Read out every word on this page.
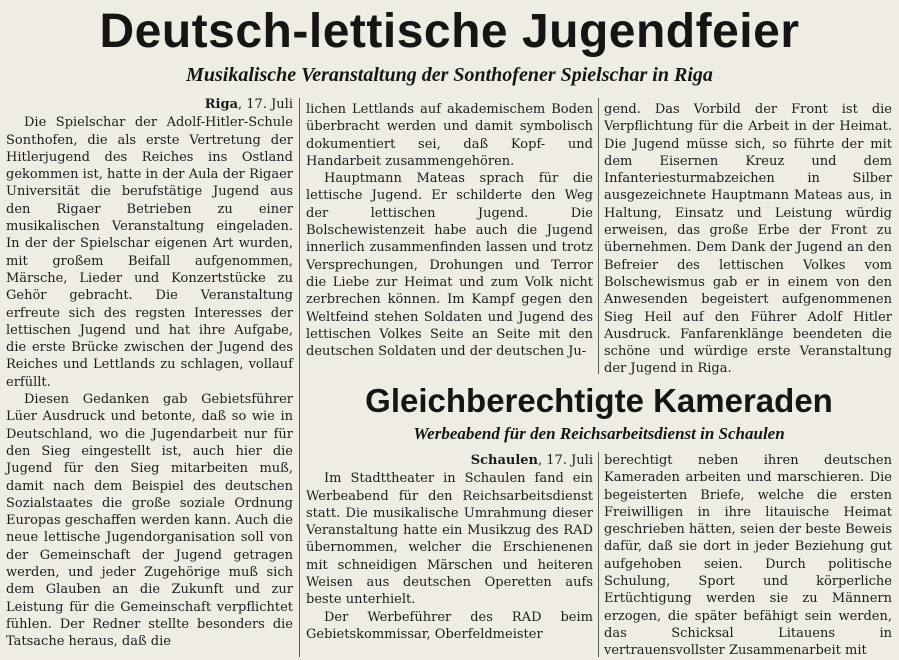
Deutsch-lettische Jugendfeier
Musikalische Veranstaltung der Sonthofener Spielschar in Riga
Riga, 17. Juli

Die Spielschar der Adolf-Hitler-Schule Sonthofen, die als erste Vertretung der Hitlerjugend des Reiches ins Ostland gekommen ist, hatte in der Aula der Rigaer Universität die berufstätige Jugend aus den Rigaer Betrieben zu einer musikalischen Veranstaltung eingeladen. In der der Spielschar eigenen Art wurden, mit großem Beifall aufgenommen, Märsche, Lieder und Konzertstücke zu Gehör gebracht. Die Veranstaltung erfreute sich des regsten Interesses der lettischen Jugend und hat ihre Aufgabe, die erste Brücke zwischen der Jugend des Reiches und Lettlands zu schlagen, vollauf erfüllt.

Diesen Gedanken gab Gebietsführer Lüer Ausdruck und betonte, daß so wie in Deutschland, wo die Jugendarbeit nur für den Sieg eingestellt ist, auch hier die Jugend für den Sieg mitarbeiten muß, damit nach dem Beispiel des deutschen Sozialstaates die große soziale Ordnung Europas geschaffen werden kann. Auch die neue lettische Jugendorganisation soll von der Gemeinschaft der Jugend getragen werden, und jeder Zugehörige muß sich dem Glauben an die Zukunft und zur Leistung für die Gemeinschaft verpflichtet fühlen. Der Redner stellte besonders die Tatsache heraus, daß die

lichen Lettlands auf akademischem Boden überbracht werden und damit symbolisch dokumentiert sei, daß Kopf- und Handarbeit zusammengehören.

Hauptmann Mateas sprach für die lettische Jugend. Er schilderte den Weg der lettischen Jugend. Die Bolschewistenzeit habe auch die Jugend innerlich zusammenfinden lassen und trotz Versprechungen, Drohungen und Terror die Liebe zur Heimat und zum Volk nicht zerbrechen können. Im Kampf gegen den Weltfeind stehen Soldaten und Jugend des lettischen Volkes Seite an Seite mit den deutschen Soldaten und der deutschen Ju-

gend. Das Vorbild der Front ist die Verpflichtung für die Arbeit in der Heimat. Die Jugend müsse sich, so führte der mit dem Eisernen Kreuz und dem Infanteriesturmabzeichen in Silber ausgezeichnete Hauptmann Mateas aus, in Haltung, Einsatz und Leistung würdig erweisen, das große Erbe der Front zu übernehmen. Dem Dank der Jugend an den Befreier des lettischen Volkes vom Bolschewismus gab er in einem von den Anwesenden begeistert aufgenommenen Sieg Heil auf den Führer Adolf Hitler Ausdruck. Fanfarenklänge beendeten die schöne und würdige erste Veranstaltung der Jugend in Riga.

Gleichberechtigte Kameraden
Werbeabend für den Reichsarbeitsdienst in Schaulen
Schaulen, 17. Juli

Im Stadttheater in Schaulen fand ein Werbeabend für den Reichsarbeitsdienst statt. Die musikalische Umrahmung dieser Veranstaltung hatte ein Musikzug des RAD übernommen, welcher die Erschienenen mit schneidigen Märschen und heiteren Weisen aus deutschen Operetten aufs beste unterhielt.

Der Werbeführer des RAD beim Gebietskommissar, Oberfeldmeister

berechtigt neben ihren deutschen Kameraden arbeiten und marschieren. Die begeisterten Briefe, welche die ersten Freiwilligen in ihre litauische Heimat geschrieben hätten, seien der beste Beweis dafür, daß sie dort in jeder Beziehung gut aufgehoben seien. Durch politische Schulung, Sport und körperliche Ertüchtigung werden sie zu Männern erzogen, die später befähigt sein werden, das Schicksal Litauens in vertrauensvollster Zusammenarbeit mit
